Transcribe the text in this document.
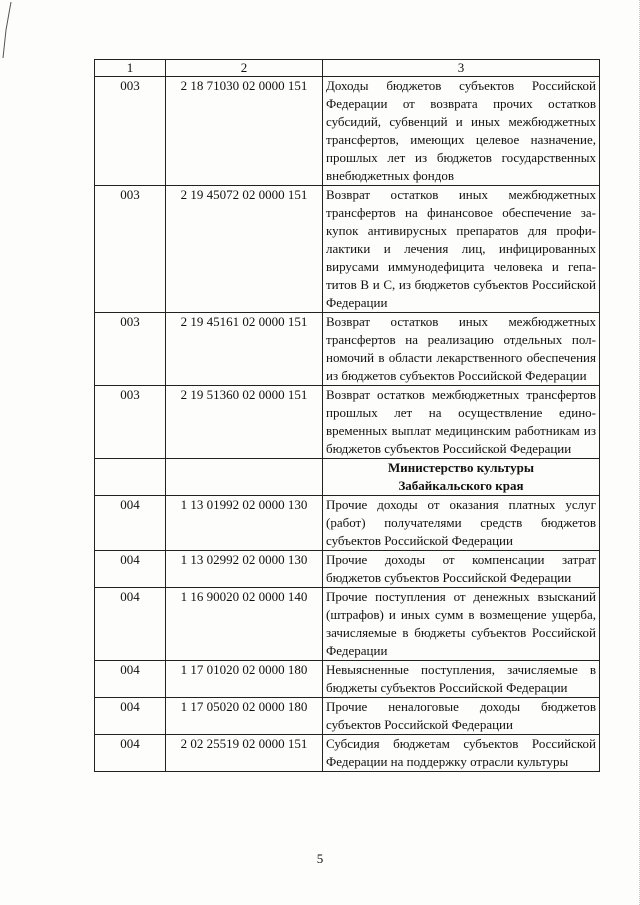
1	2	3
003	2 18 71030 02 0000 151	Доходы бюджетов субъектов Российской Федерации от возврата прочих остатков субсидий, субвенций и иных межбюджетных трансфертов, имеющих целевое назначение, прошлых лет из бюджетов государственных внебюджетных фондов
003	2 19 45072 02 0000 151	Возврат остатков иных межбюджетных трансфертов на финансовое обеспечение закупок антивирусных препаратов для профилактики и лечения лиц, инфицированных вирусами иммунодефицита человека и гепатитов В и С, из бюджетов субъектов Российской Федерации
003	2 19 45161 02 0000 151	Возврат остатков иных межбюджетных трансфертов на реализацию отдельных полномочий в области лекарственного обеспечения из бюджетов субъектов Российской Федерации
003	2 19 51360 02 0000 151	Возврат остатков межбюджетных трансфертов прошлых лет на осуществление единовременных выплат медицинским работникам из бюджетов субъектов Российской Федерации

		Министерство культуры
Забайкальского края

004	1 13 01992 02 0000 130	Прочие доходы от оказания платных услуг (работ) получателями средств бюджетов субъектов Российской Федерации
004	1 13 02992 02 0000 130	Прочие доходы от компенсации затрат бюджетов субъектов Российской Федерации
004	1 16 90020 02 0000 140	Прочие поступления от денежных взысканий (штрафов) и иных сумм в возмещение ущерба, зачисляемые в бюджеты субъектов Российской Федерации
004	1 17 01020 02 0000 180	Невыясненные поступления, зачисляемые в бюджеты субъектов Российской Федерации
004	1 17 05020 02 0000 180	Прочие неналоговые доходы бюджетов субъектов Российской Федерации
004	2 02 25519 02 0000 151	Субсидия бюджетам субъектов Российской Федерации на поддержку отрасли культуры
5
